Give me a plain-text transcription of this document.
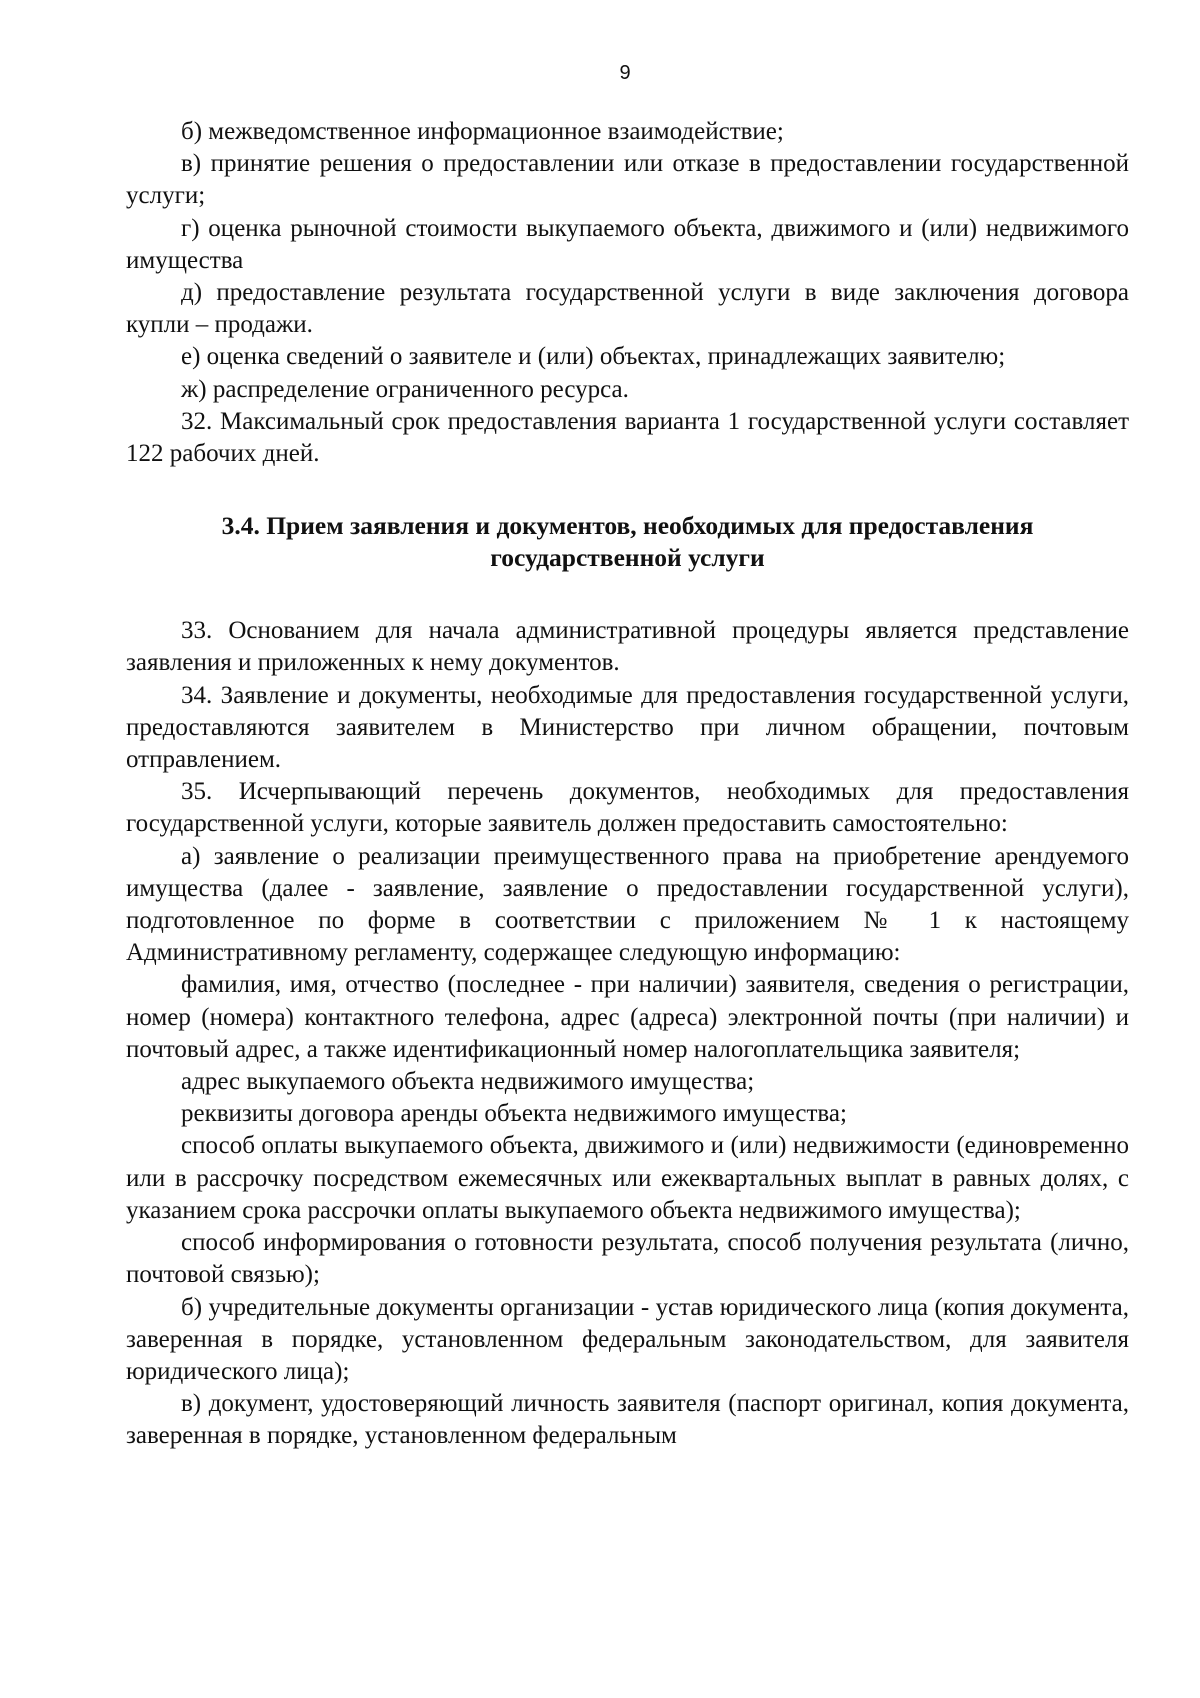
9

б) межведомственное информационное взаимодействие;

в) принятие решения о предоставлении или отказе в предоставлении государственной услуги;

г) оценка рыночной стоимости выкупаемого объекта, движимого и (или) недвижимого имущества

д) предоставление результата государственной услуги в виде заключения договора купли – продажи.

е) оценка сведений о заявителе и (или) объектах, принадлежащих заявителю;

ж) распределение ограниченного ресурса.

32. Максимальный срок предоставления варианта 1 государственной услуги составляет 122 рабочих дней.

3.4. Прием заявления и документов, необходимых для предоставления
государственной услуги

33. Основанием для начала административной процедуры является представление заявления и приложенных к нему документов.

34. Заявление и документы, необходимые для предоставления государственной услуги, предоставляются заявителем в Министерство при личном обращении, почтовым отправлением.

35. Исчерпывающий перечень документов, необходимых для предоставления государственной услуги, которые заявитель должен предоставить самостоятельно:

а) заявление о реализации преимущественного права на приобретение арендуемого имущества (далее - заявление, заявление о предоставлении государственной услуги), подготовленное по форме в соответствии с приложением № 1 к настоящему Административному регламенту, содержащее следующую информацию:

фамилия, имя, отчество (последнее - при наличии) заявителя, сведения о регистрации, номер (номера) контактного телефона, адрес (адреса) электронной почты (при наличии) и почтовый адрес, а также идентификационный номер налогоплательщика заявителя;

адрес выкупаемого объекта недвижимого имущества;

реквизиты договора аренды объекта недвижимого имущества;

способ оплаты выкупаемого объекта, движимого и (или) недвижимости (единовременно или в рассрочку посредством ежемесячных или ежеквартальных выплат в равных долях, с указанием срока рассрочки оплаты выкупаемого объекта недвижимого имущества);

способ информирования о готовности результата, способ получения результата (лично, почтовой связью);

б) учредительные документы организации - устав юридического лица (копия документа, заверенная в порядке, установленном федеральным законодательством, для заявителя юридического лица);

в) документ, удостоверяющий личность заявителя (паспорт оригинал, копия документа, заверенная в порядке, установленном федеральным
